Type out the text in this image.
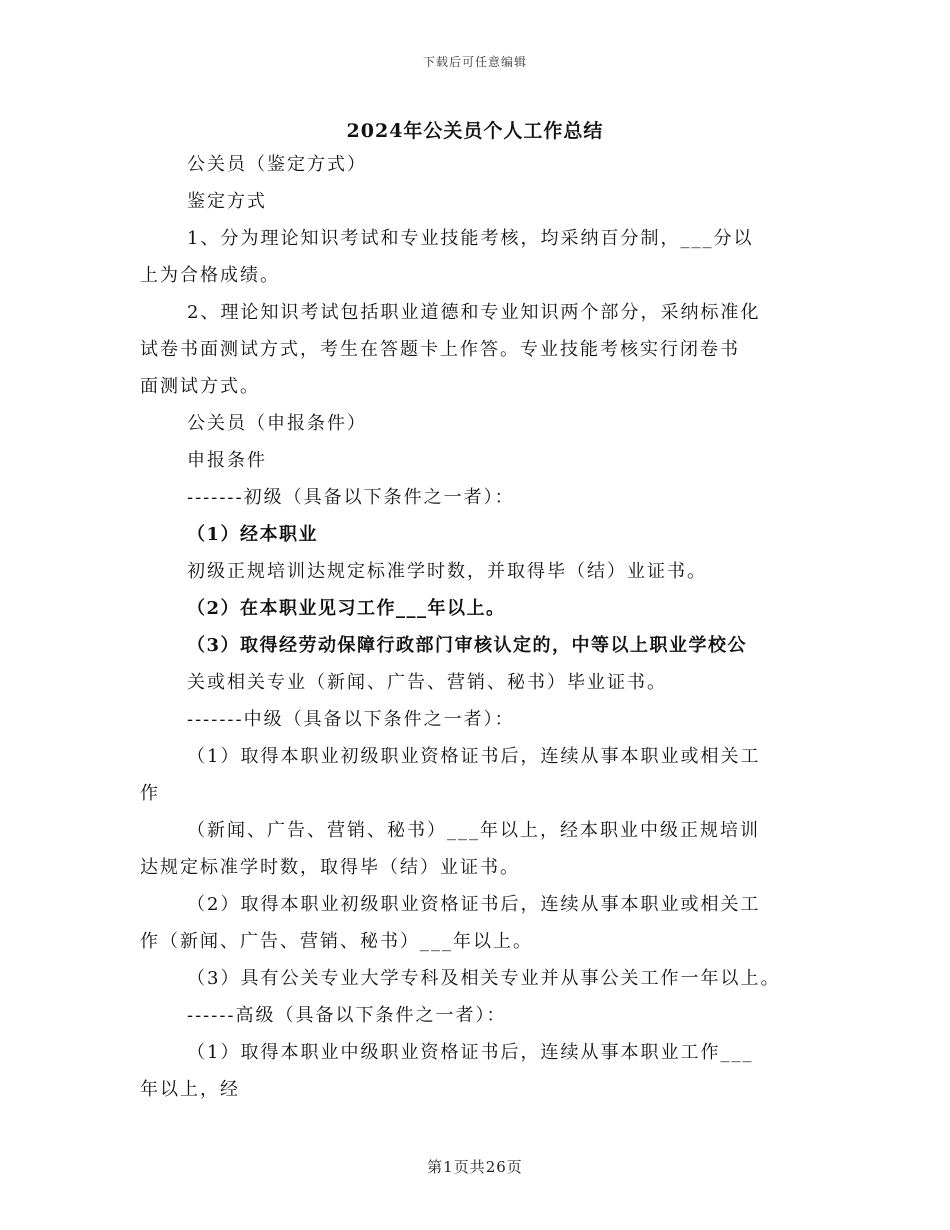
下载后可任意编辑
2024年公关员个人工作总结
公关员（鉴定方式）
鉴定方式
1、分为理论知识考试和专业技能考核，均采纳百分制，___分以
上为合格成绩。
2、理论知识考试包括职业道德和专业知识两个部分，采纳标准化
试卷书面测试方式，考生在答题卡上作答。专业技能考核实行闭卷书
面测试方式。
公关员（申报条件）
申报条件
-------初级（具备以下条件之一者）：
（1）经本职业
初级正规培训达规定标准学时数，并取得毕（结）业证书。
（2）在本职业见习工作___年以上。
（3）取得经劳动保障行政部门审核认定的，中等以上职业学校公
关或相关专业（新闻、广告、营销、秘书）毕业证书。
-------中级（具备以下条件之一者）：
（1）取得本职业初级职业资格证书后，连续从事本职业或相关工
作
（新闻、广告、营销、秘书）___年以上，经本职业中级正规培训
达规定标准学时数，取得毕（结）业证书。
（2）取得本职业初级职业资格证书后，连续从事本职业或相关工
作（新闻、广告、营销、秘书）___年以上。
（3）具有公关专业大学专科及相关专业并从事公关工作一年以上。
------高级（具备以下条件之一者）：
（1）取得本职业中级职业资格证书后，连续从事本职业工作___
年以上，经
第1页共26页
